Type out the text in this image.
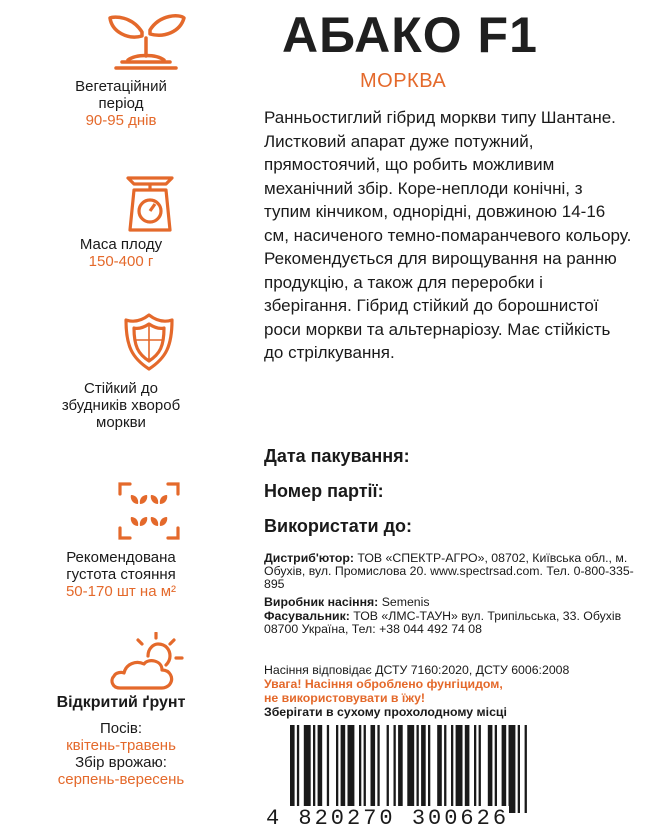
Вегетаційний
період
90-95 днів
Маса плоду
150-400 г
Стійкий до
збудників хвороб
моркви
Рекомендована
густота стояння
50-170 шт на м²
Відкритий ґрунт
Посів:
квітень-травень
Збір врожаю:
серпень-вересень
АБАКО F1
МОРКВА
Ранньостиглий гібрид моркви типу Шантане. Листковий апарат дуже потужний, прямостоячий, що робить можливим механічний збір. Коре-неплоди конічні, з тупим кінчиком, однорідні, довжиною 14-16 см, насиченого темно-помаранчевого кольору. Рекомендується для вирощування на ранню продукцію, а також для переробки і зберігання. Гібрид стійкий до борошнистої роси моркви та альтернаріозу. Має стійкість до стрілкування.
Дата пакування:
Номер партії:
Використати до:
Дистриб'ютор: ТОВ «СПЕКТР-АГРО», 08702, Київська обл., м. Обухів, вул. Промислова 20. www.spectrsad.com. Тел. 0-800-335-895
Виробник насіння: Semenis
Фасувальник: ТОВ «ЛМС-ТАУН» вул. Трипільська, 33. Обухів 08700 Україна, Тел: +38 044 492 74 08
Насіння відповідає ДСТУ 7160:2020, ДСТУ 6006:2008
Увага! Насіння оброблено фунгіцидом,
не використовувати в їжу!
Зберігати в сухому прохолодному місці
4 820270 300626
